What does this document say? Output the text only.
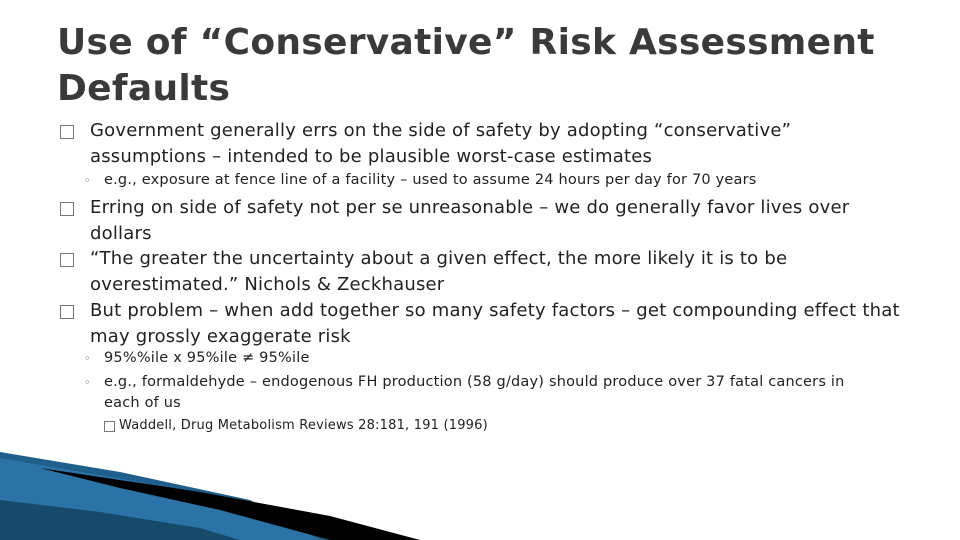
Use of “Conservative” Risk Assessment Defaults
Government generally errs on the side of safety by adopting “conservative” assumptions – intended to be plausible worst-case estimates
◦ e.g., exposure at fence line of a facility – used to assume 24 hours per day for 70 years
Erring on side of safety not per se unreasonable – we do generally favor lives over dollars
“The greater the uncertainty about a given effect, the more likely it is to be overestimated.” Nichols & Zeckhauser
But problem – when add together so many safety factors – get compounding effect that may grossly exaggerate risk
◦ 95%%ile x 95%ile ≠ 95%ile
◦ e.g., formaldehyde – endogenous FH production (58 g/day) should produce over 37 fatal cancers in each of us
Waddell, Drug Metabolism Reviews 28:181, 191 (1996)
